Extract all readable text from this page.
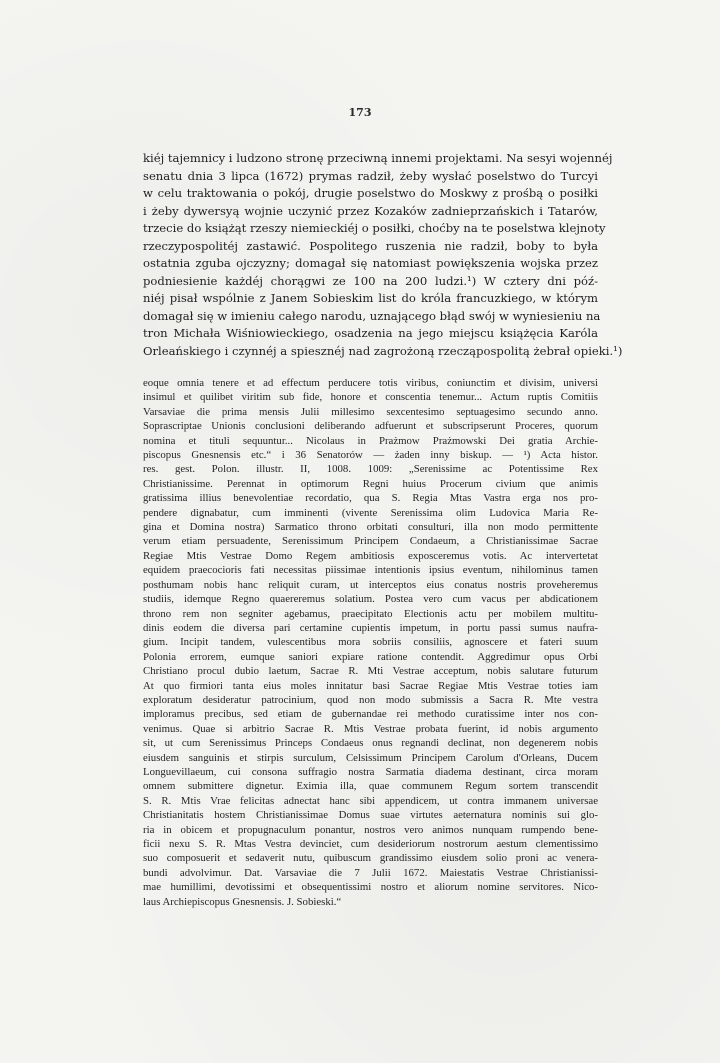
173
kiéj tajemnicy i ludzono stronę przeciwną innemi projektami. Na sesyi wojennéj
senatu dnia 3 lipca (1672) prymas radził, żeby wysłać poselstwo do Turcyi
w celu traktowania o pokój, drugie poselstwo do Moskwy z prośbą o posiłki
i żeby dywersyą wojnie uczynić przez Kozaków zadnieprzańskich i Tatarów,
trzecie do książąt rzeszy niemieckiéj o posiłki, choćby na te poselstwa klejnoty
rzeczypospolitéj zastawić. Pospolitego ruszenia nie radził, boby to była
ostatnia zguba ojczyzny; domagał się natomiast powiększenia wojska przez
podniesienie każdéj chorągwi ze 100 na 200 ludzi.¹) W cztery dni póź-
niéj pisał wspólnie z Janem Sobieskim list do króla francuzkiego, w którym
domagał się w imieniu całego narodu, uznającego błąd swój w wyniesieniu na
tron Michała Wiśniowieckiego, osadzenia na jego miejscu książęcia Karóla
Orleańskiego i czynnéj a spiesznéj nad zagrożoną rzecząpospolitą żebrał opieki.¹)
eoque omnia tenere et ad effectum perducere totis viribus, coniunctim et divisim, universi
insimul et quilibet viritim sub fide, honore et conscentia tenemur... Actum ruptis Comitiis
Varsaviae die prima mensis Julii millesimo sexcentesimo septuagesimo secundo anno.
Soprascriptae Unionis conclusioni deliberando adfuerunt et subscripserunt Proceres, quorum
nomina et tituli sequuntur... Nicolaus in Prażmow Prażmowski Dei gratia Archie-
piscopus Gnesnensis etc.“ i 36 Senatorów — żaden inny biskup. — ¹) Acta histor.
res. gest. Polon. illustr. II, 1008. 1009: „Serenissime ac Potentissime Rex
Christianissime. Perennat in optimorum Regni huius Procerum civium que animis
gratissima illius benevolentiae recordatio, qua S. Regia Mtas Vastra erga nos pro-
pendere dignabatur, cum imminenti (vivente Serenissima olim Ludovica Maria Re-
gina et Domina nostra) Sarmatico throno orbitati consulturi, illa non modo permittente
verum etiam persuadente, Serenissimum Principem Condaeum, a Christianissimae Sacrae
Regiae Mtis Vestrae Domo Regem ambitiosis exposceremus votis. Ac intervertetat
equidem praecocioris fati necessitas piissimae intentionis ipsius eventum, nihilominus tamen
posthumam nobis hanc reliquit curam, ut interceptos eius conatus nostris proveheremus
studiis, idemque Regno quaereremus solatium. Postea vero cum vacus per abdicationem
throno rem non segniter agebamus, praecipitato Electionis actu per mobilem multitu-
dinis eodem die diversa pari certamine cupientis impetum, in portu passi sumus naufra-
gium. Incipit tandem, vulescentibus mora sobriis consiliis, agnoscere et fateri suum
Polonia errorem, eumque saniori expiare ratione contendit. Aggredimur opus Orbi
Christiano procul dubio laetum, Sacrae R. Mti Vestrae acceptum, nobis salutare futurum
At quo firmiori tanta eius moles innitatur basi Sacrae Regiae Mtis Vestrae toties iam
exploratum desideratur patrocinium, quod non modo submissis a Sacra R. Mte vestra
imploramus precibus, sed etiam de gubernandae rei methodo curatissime inter nos con-
venimus. Quae si arbitrio Sacrae R. Mtis Vestrae probata fuerint, id nobis argumento
sit, ut cum Serenissimus Princeps Condaeus onus regnandi declinat, non degenerem nobis
eiusdem sanguinis et stirpis surculum, Celsissimum Principem Carolum d'Orleans, Ducem
Longuevillaeum, cui consona suffragio nostra Sarmatia diadema destinant, circa moram
omnem submittere dignetur. Eximia illa, quae communem Regum sortem transcendit
S. R. Mtis Vrae felicitas adnectat hanc sibi appendicem, ut contra immanem universae
Christianitatis hostem Christianissimae Domus suae virtutes aeternatura nominis sui glo-
ria in obicem et propugnaculum ponantur, nostros vero animos nunquam rumpendo bene-
ficii nexu S. R. Mtas Vestra devinciet, cum desideriorum nostrorum aestum clementissimo
suo composuerit et sedaverit nutu, quibuscum grandissimo eiusdem solio proni ac venera-
bundi advolvimur. Dat. Varsaviae die 7 Julii 1672. Maiestatis Vestrae Christianissi-
mae humillimi, devotissimi et obsequentissimi nostro et aliorum nomine servitores. Nico-
laus Archiepiscopus Gnesnensis. J. Sobieski.“
